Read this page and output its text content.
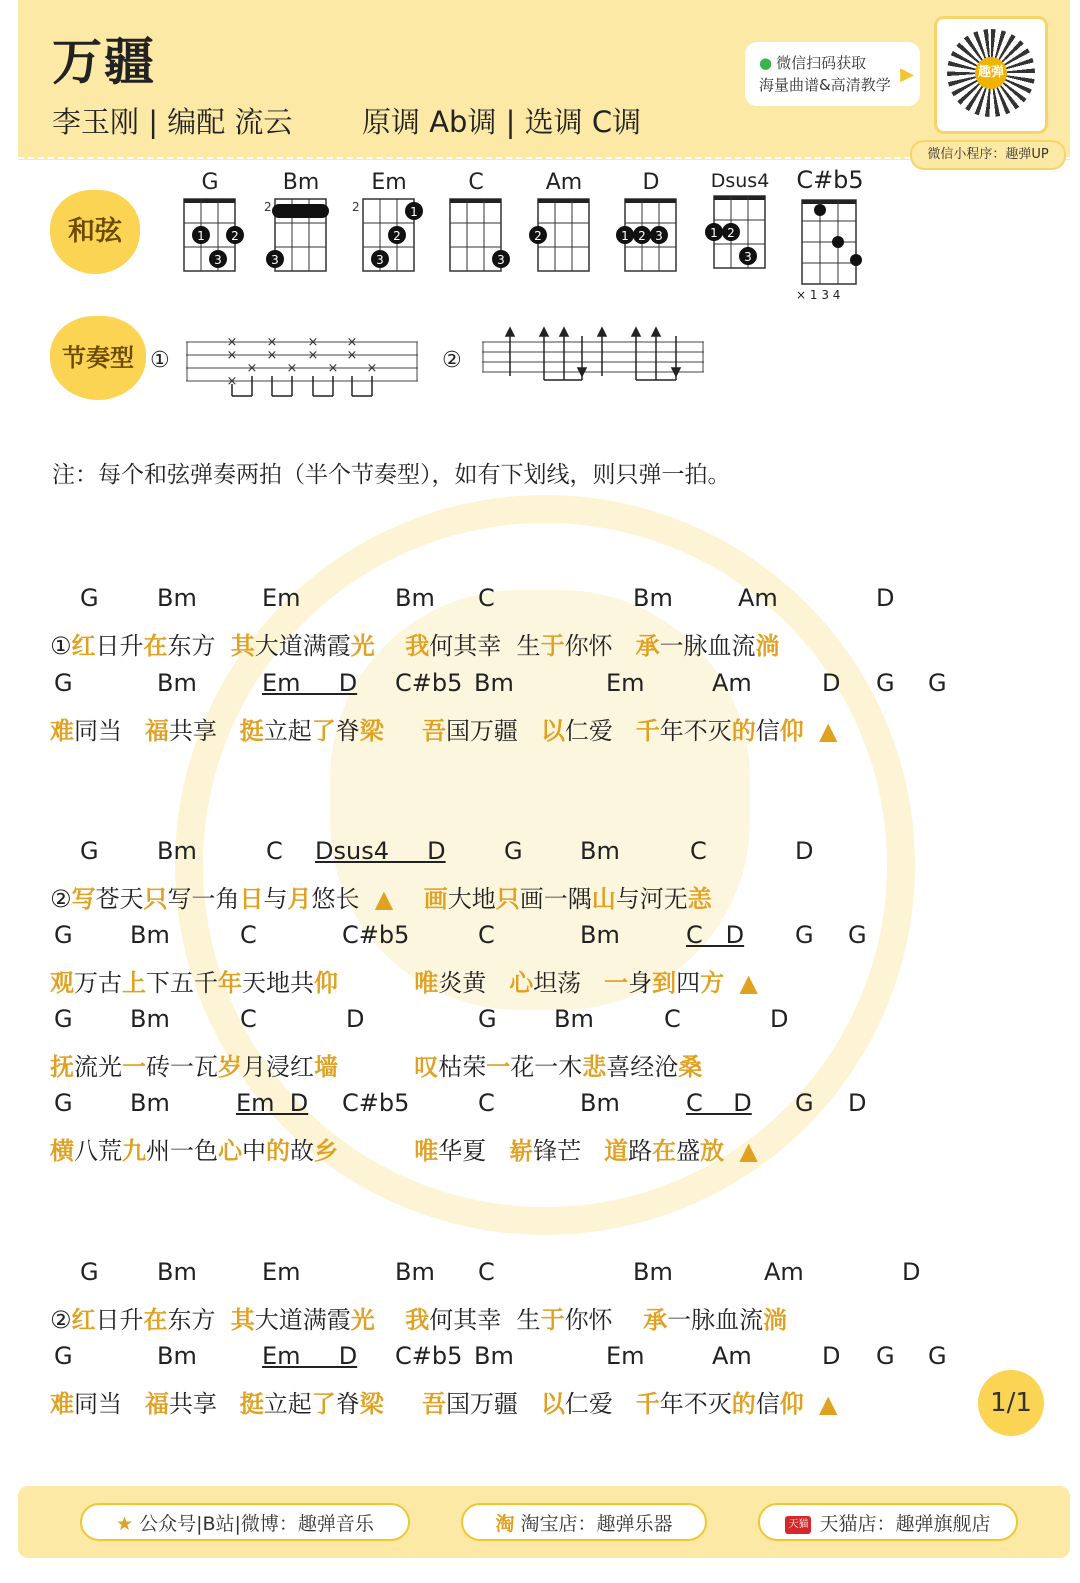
万疆
李玉刚 | 编配 流云 原调 Ab调 | 选调 C调
● 微信扫码获取
海量曲谱&高清教学 ▶	趣弹
微信小程序：趣弹UP
和弦
G
1 2
3
Bm
2
3
Em
2	1
2
3
C
3
Am
2
D
1 2 3
Dsus4
1 2
3
C#b5
× 1 3 4
节奏型 ①
×
×
×
×
×
×
×
×
×
×
×
×
×	②
注：每个和弦弹奏两拍（半个节奏型），如有下划线，则只弹一拍。
G Bm	Em	Bm C	Bm	Am	D
①红日升在东方  其大道满霞光 我何其幸  生于你怀   承一脉血流淌
G	Bm	Em     D C#b5 Bm	Em	Am	D G G
难同当   福共享   挺立起了脊梁 吾国万疆   以仁爱   千年不灭的信仰 ▲
G Bm	C Dsus4     D G Bm	C	D
②写苍天只写一角日与月悠长  ▲ 画大地只画一隅山与河无恙
G Bm	C	C#b5	C	Bm	C   D G G
观万古上下五千年天地共仰	唯炎黄   心坦荡   一身到四方 ▲
G Bm	C	D	G Bm	C	D
抚流光一砖一瓦岁月浸红墙	叹枯荣一花一木悲喜经沧桑
G Bm	Em  D C#b5	C	Bm	C    D G D
横八荒九州一色心中的故乡	唯华夏   崭锋芒   道路在盛放 ▲
G Bm	Em	Bm C	Bm	Am	D
②红日升在东方  其大道满霞光 我何其幸  生于你怀    承一脉血流淌
G	Bm	Em     D C#b5 Bm	Em	Am	D G G
难同当   福共享   挺立起了脊梁 吾国万疆   以仁爱   千年不灭的信仰 ▲	1/1
★ 公众号|B站|微博：趣弹音乐	淘 淘宝店：趣弹乐器	天猫 天猫店：趣弹旗舰店
